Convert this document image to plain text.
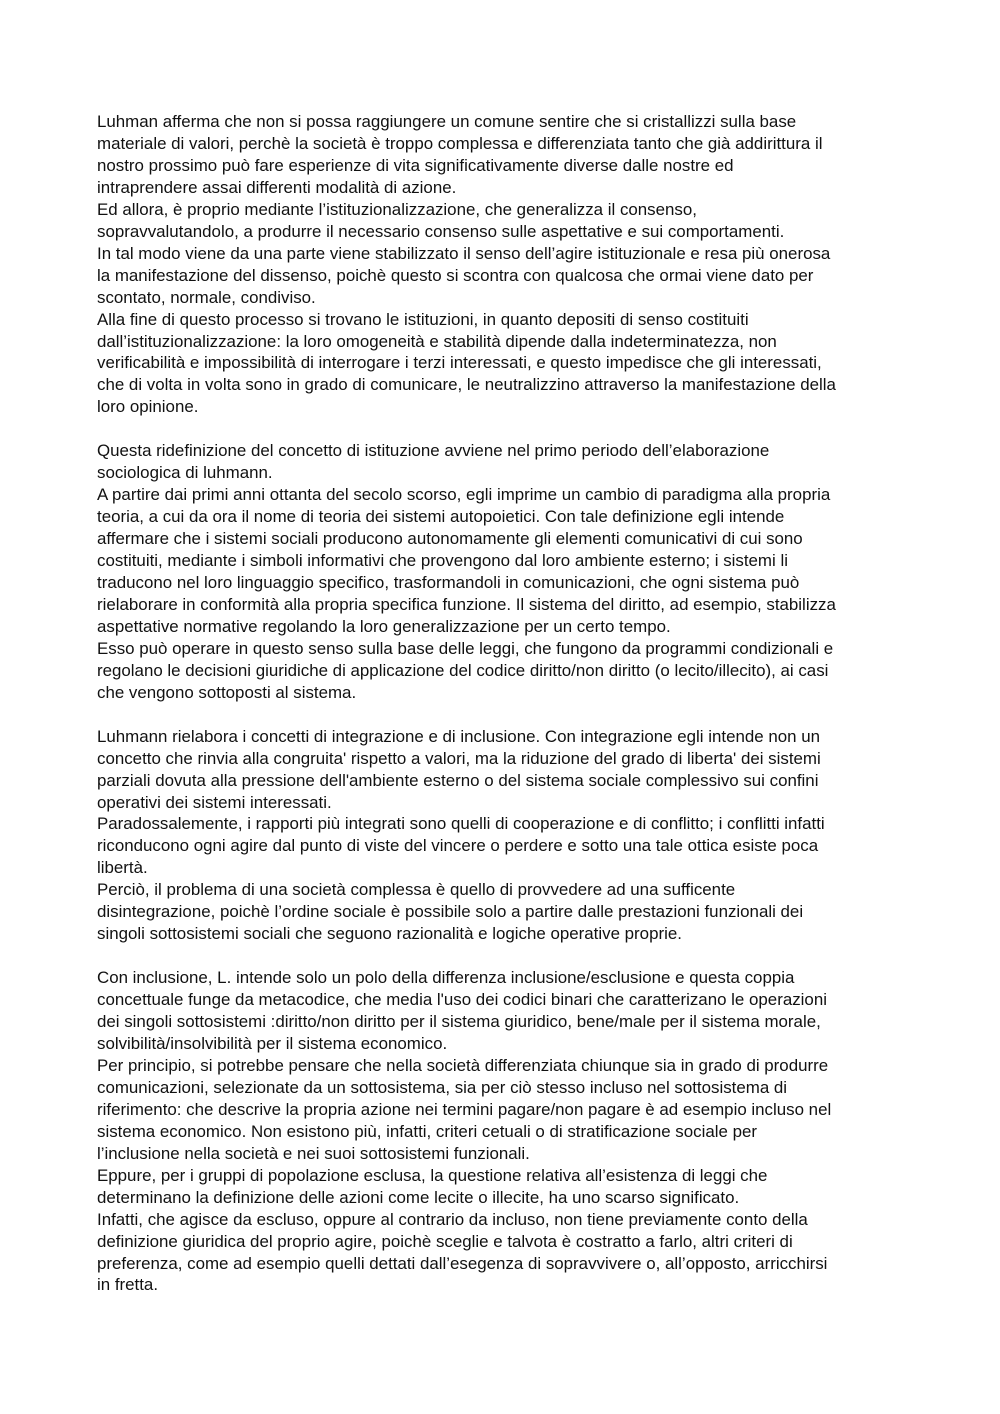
Luhman afferma che non si possa raggiungere un comune sentire che si cristallizzi sulla base
materiale di valori, perchè la società è troppo complessa e differenziata tanto che già addirittura il
nostro prossimo può fare esperienze di vita significativamente diverse dalle nostre ed
intraprendere assai differenti modalità di azione.
Ed allora, è proprio mediante l’istituzionalizzazione, che generalizza il consenso,
sopravvalutandolo, a produrre il necessario consenso sulle aspettative e sui comportamenti.
In tal modo viene da una parte viene stabilizzato il senso dell’agire istituzionale e resa più onerosa
la manifestazione del dissenso, poichè questo si scontra con qualcosa che ormai viene dato per
scontato, normale, condiviso.
Alla fine di questo processo si trovano le istituzioni, in quanto depositi di senso costituiti
dall’istituzionalizzazione: la loro omogeneità e stabilità dipende dalla indeterminatezza, non
verificabilità e impossibilità di interrogare i terzi interessati, e questo impedisce che gli interessati,
che di volta in volta sono in grado di comunicare, le neutralizzino attraverso la manifestazione della
loro opinione.
Questa ridefinizione del concetto di istituzione avviene nel primo periodo dell’elaborazione
sociologica di luhmann.
A partire dai primi anni ottanta del secolo scorso, egli imprime un cambio di paradigma alla propria
teoria, a cui da ora il nome di teoria dei sistemi autopoietici. Con tale definizione egli intende
affermare che i sistemi sociali producono autonomamente gli elementi comunicativi di cui sono
costituiti, mediante i simboli informativi che provengono dal loro ambiente esterno; i sistemi li
traducono nel loro linguaggio specifico, trasformandoli in comunicazioni, che ogni sistema può
rielaborare in conformità alla propria specifica funzione. Il sistema del diritto, ad esempio, stabilizza
aspettative normative regolando la loro generalizzazione per un certo tempo.
Esso può operare in questo senso sulla base delle leggi, che fungono da programmi condizionali e
regolano le decisioni giuridiche di applicazione del codice diritto/non diritto (o lecito/illecito), ai casi
che vengono sottoposti al sistema.
Luhmann rielabora i concetti di integrazione e di inclusione. Con integrazione egli intende non un
concetto che rinvia alla congruita' rispetto a valori, ma la riduzione del grado di liberta' dei sistemi
parziali dovuta alla pressione dell'ambiente esterno o del sistema sociale complessivo sui confini
operativi dei sistemi interessati.
Paradossalemente, i rapporti più integrati sono quelli di cooperazione e di conflitto; i conflitti infatti
riconducono ogni agire dal punto di viste del vincere o perdere e sotto una tale ottica esiste poca
libertà.
Perciò, il problema di una società complessa è quello di provvedere ad una sufficente
disintegrazione, poichè l’ordine sociale è possibile solo a partire dalle prestazioni funzionali dei
singoli sottosistemi sociali che seguono razionalità e logiche operative proprie.
Con inclusione, L. intende solo un polo della differenza inclusione/esclusione e questa coppia
concettuale funge da metacodice, che media l'uso dei codici binari che caratterizano le operazioni
dei singoli sottosistemi :diritto/non diritto per il sistema giuridico, bene/male per il sistema morale,
solvibilità/insolvibilità per il sistema economico.
Per principio, si potrebbe pensare che nella società differenziata chiunque sia in grado di produrre
comunicazioni, selezionate da un sottosistema, sia per ciò stesso incluso nel sottosistema di
riferimento: che descrive la propria azione nei termini pagare/non pagare è ad esempio incluso nel
sistema economico. Non esistono più, infatti, criteri cetuali o di stratificazione sociale per
l’inclusione nella società e nei suoi sottosistemi funzionali.
Eppure, per i gruppi di popolazione esclusa, la questione relativa all’esistenza di leggi che
determinano la definizione delle azioni come lecite o illecite, ha uno scarso significato.
Infatti, che agisce da escluso, oppure al contrario da incluso, non tiene previamente conto della
definizione giuridica del proprio agire, poichè sceglie e talvota è costratto a farlo, altri criteri di
preferenza, come ad esempio quelli dettati dall’esegenza di sopravvivere o, all’opposto, arricchirsi
in fretta.
